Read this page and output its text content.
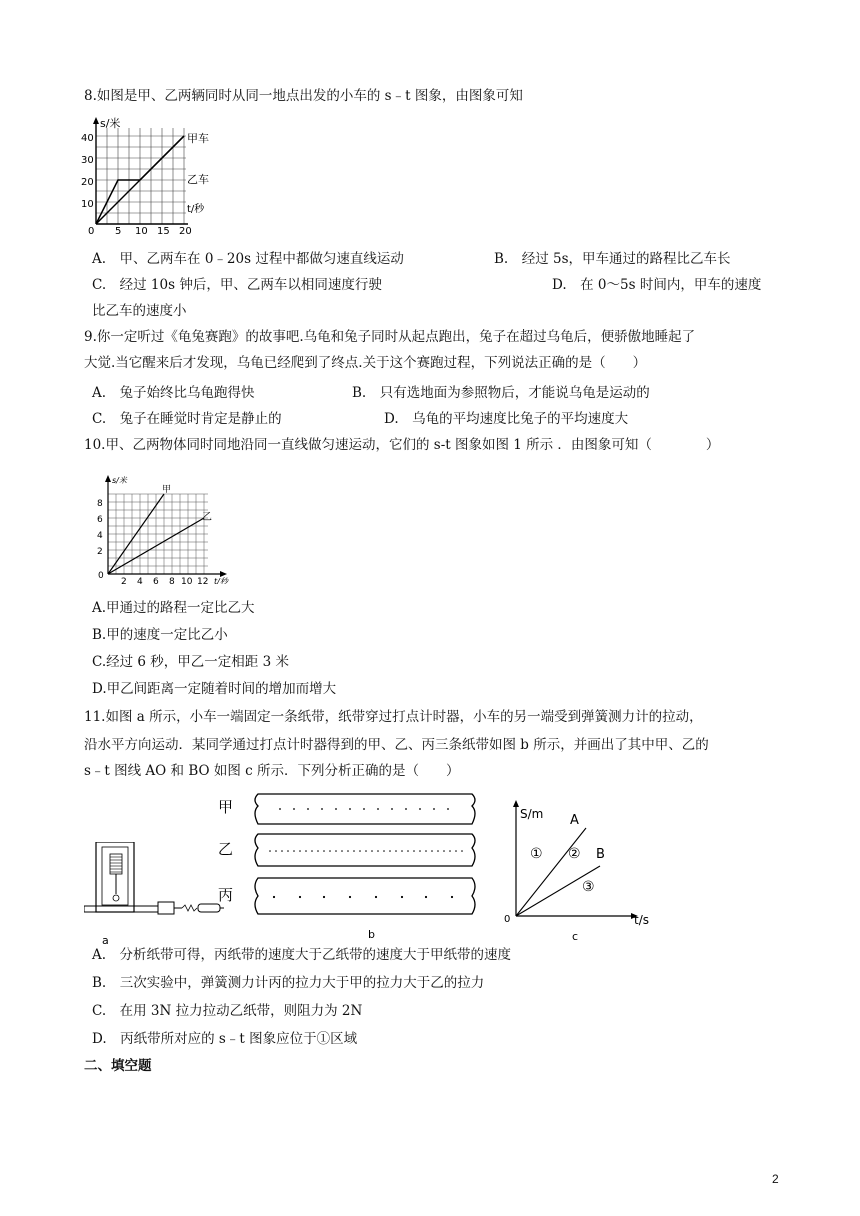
8.如图是甲、乙两辆同时从同一地点出发的小车的 s﹣t 图象，由图象可知
s/米
40
30
20
10
0 5 10 15 20
甲车
乙车
t/秒
A.　甲、乙两车在 0﹣20s 过程中都做匀速直线运动	B.　经过 5s，甲车通过的路程比乙车长
C.　经过 10s 钟后，甲、乙两车以相同速度行驶	D.　在 0～5s 时间内，甲车的速度
比乙车的速度小
9.你一定听过《龟兔赛跑》的故事吧.乌龟和兔子同时从起点跑出，兔子在超过乌龟后，便骄傲地睡起了
大觉.当它醒来后才发现，乌龟已经爬到了终点.关于这个赛跑过程，下列说法正确的是（　　）
A.　兔子始终比乌龟跑得快	B.　只有选地面为参照物后，才能说乌龟是运动的
C.　兔子在睡觉时肯定是静止的	D.　乌龟的平均速度比兔子的平均速度大
10.甲、乙两物体同时同地沿同一直线做匀速运动，它们的 s-t 图象如图 1 所示 ．由图象可知（　　　　）
s/米
8
6
4
2
0
2 4 6 8 10 12 t/秒
甲
乙
A.甲通过的路程一定比乙大
B.甲的速度一定比乙小
C.经过 6 秒，甲乙一定相距 3 米
D.甲乙间距离一定随着时间的增加而增大
11.如图 a 所示，小车一端固定一条纸带，纸带穿过打点计时器，小车的另一端受到弹簧测力计的拉动，
沿水平方向运动．某同学通过打点计时器得到的甲、乙、丙三条纸带如图 b 所示，并画出了其中甲、乙的
s﹣t 图线 AO 和 BO 如图 c 所示．下列分析正确的是（　　）
a
甲
乙
丙
b
S/m A
B
① ②
③
0	t/s
c
A.　分析纸带可得，丙纸带的速度大于乙纸带的速度大于甲纸带的速度
B.　三次实验中，弹簧测力计丙的拉力大于甲的拉力大于乙的拉力
C.　在用 3N 拉力拉动乙纸带，则阻力为 2N
D.　丙纸带所对应的 s﹣t 图象应位于①区域
二、填空题
2
